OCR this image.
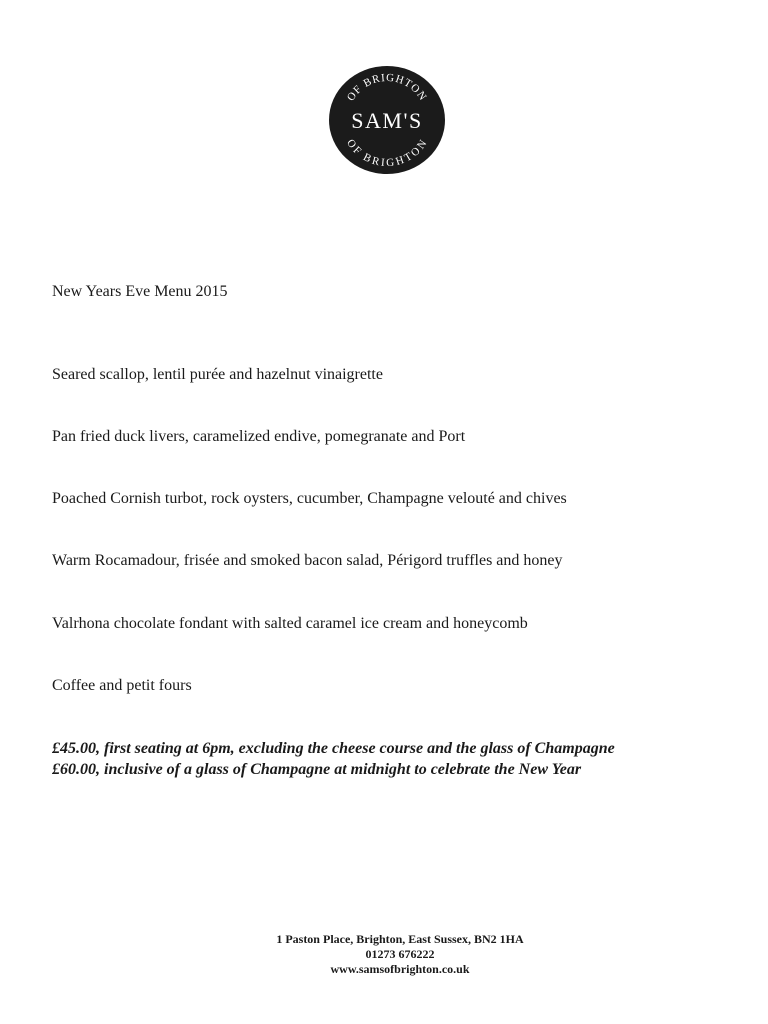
OF BRIGHTON
SAM'S
OF BRIGHTON
New Years Eve Menu 2015
Seared scallop, lentil purée and hazelnut vinaigrette
Pan fried duck livers, caramelized endive, pomegranate and Port
Poached Cornish turbot, rock oysters, cucumber, Champagne velouté and chives
Warm Rocamadour, frisée and smoked bacon salad, Périgord truffles and honey
Valrhona chocolate fondant with salted caramel ice cream and honeycomb
Coffee and petit fours

£45.00, first seating at 6pm, excluding the cheese course and the glass of Champagne

£60.00, inclusive of a glass of Champagne at midnight to celebrate the New Year

1 Paston Place, Brighton, East Sussex, BN2 1HA
01273 676222
www.samsofbrighton.co.uk
